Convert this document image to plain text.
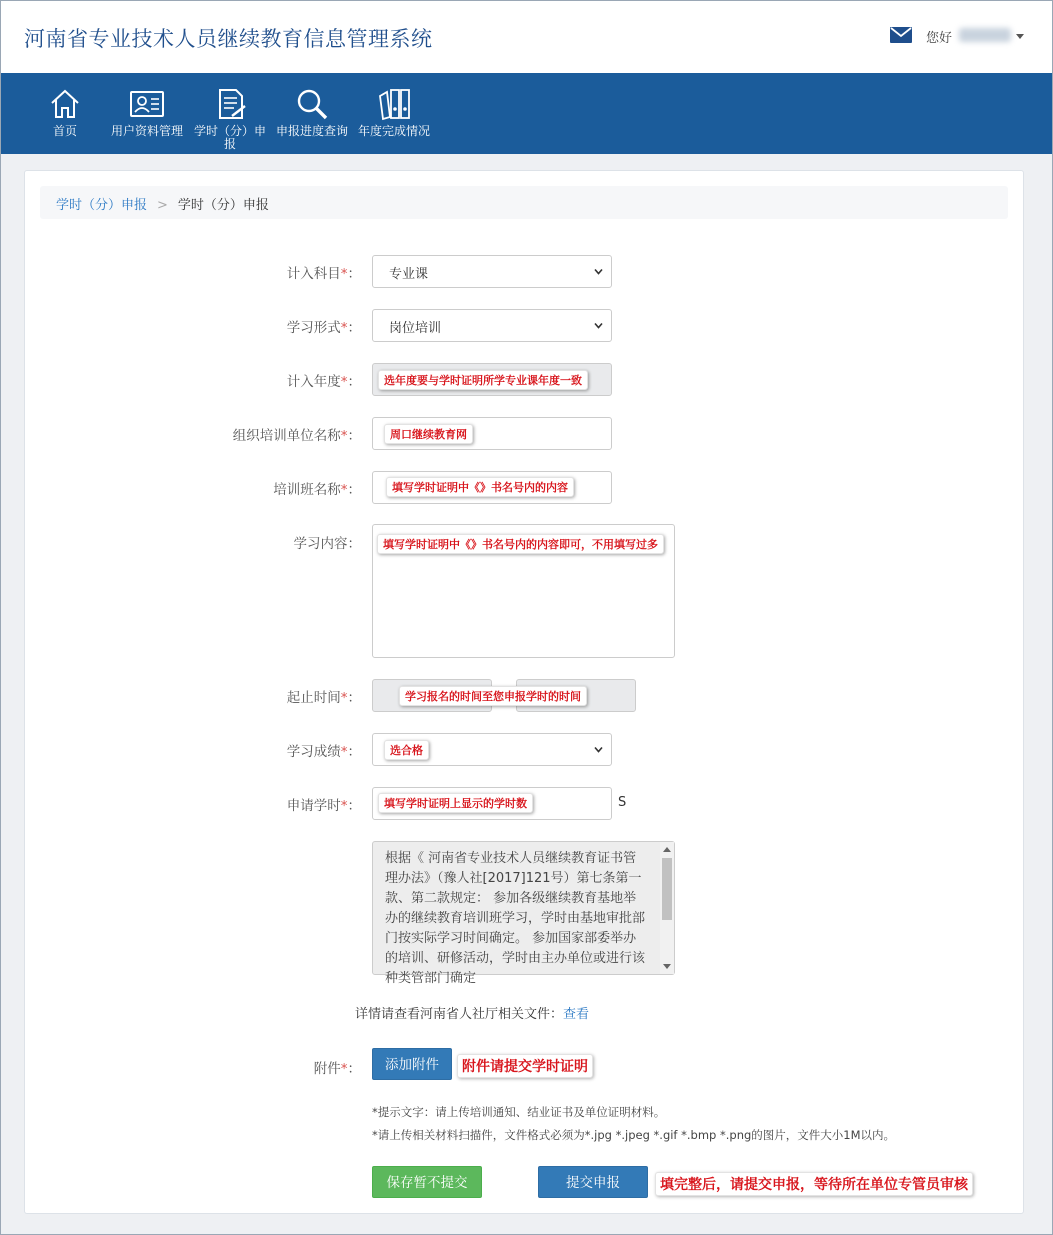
河南省专业技术人员继续教育信息管理系统	您好
首页	用户资料管理 学时（分）申
报
申报进度查询 年度完成情况
学时（分）申报 > 学时（分）申报
计入科目*：	专业课
学习形式*：	岗位培训
计入年度*：	选年度要与学时证明所学专业课年度一致
组织培训单位名称*：	周口继续教育网
培训班名称*：	填写学时证明中《》书名号内的内容
学习内容：	填写学时证明中《》书名号内的内容即可，不用填写过多
起止时间*：	学习报名的时间至您申报学时的时间
学习成绩*：	选合格
申请学时*：	填写学时证明上显示的学时数	S
根据《 河南省专业技术人员继续教育证书管理办法》（豫人社[2017]121号）第七条第一款、第二款规定： 参加各级继续教育基地举办的继续教育培训班学习，学时由基地审批部门按实际学习时间确定。 参加国家部委举办的培训、研修活动，学时由主办单位或进行该种类管部门确定
详情请查看河南省人社厅相关文件：查看
附件*：	添加附件	附件请提交学时证明
*提示文字：请上传培训通知、结业证书及单位证明材料。
*请上传相关材料扫描件，文件格式必须为*.jpg *.jpeg *.gif *.bmp *.png的图片，文件大小1M以内。
保存暂不提交	提交申报	填完整后，请提交申报，等待所在单位专管员审核
